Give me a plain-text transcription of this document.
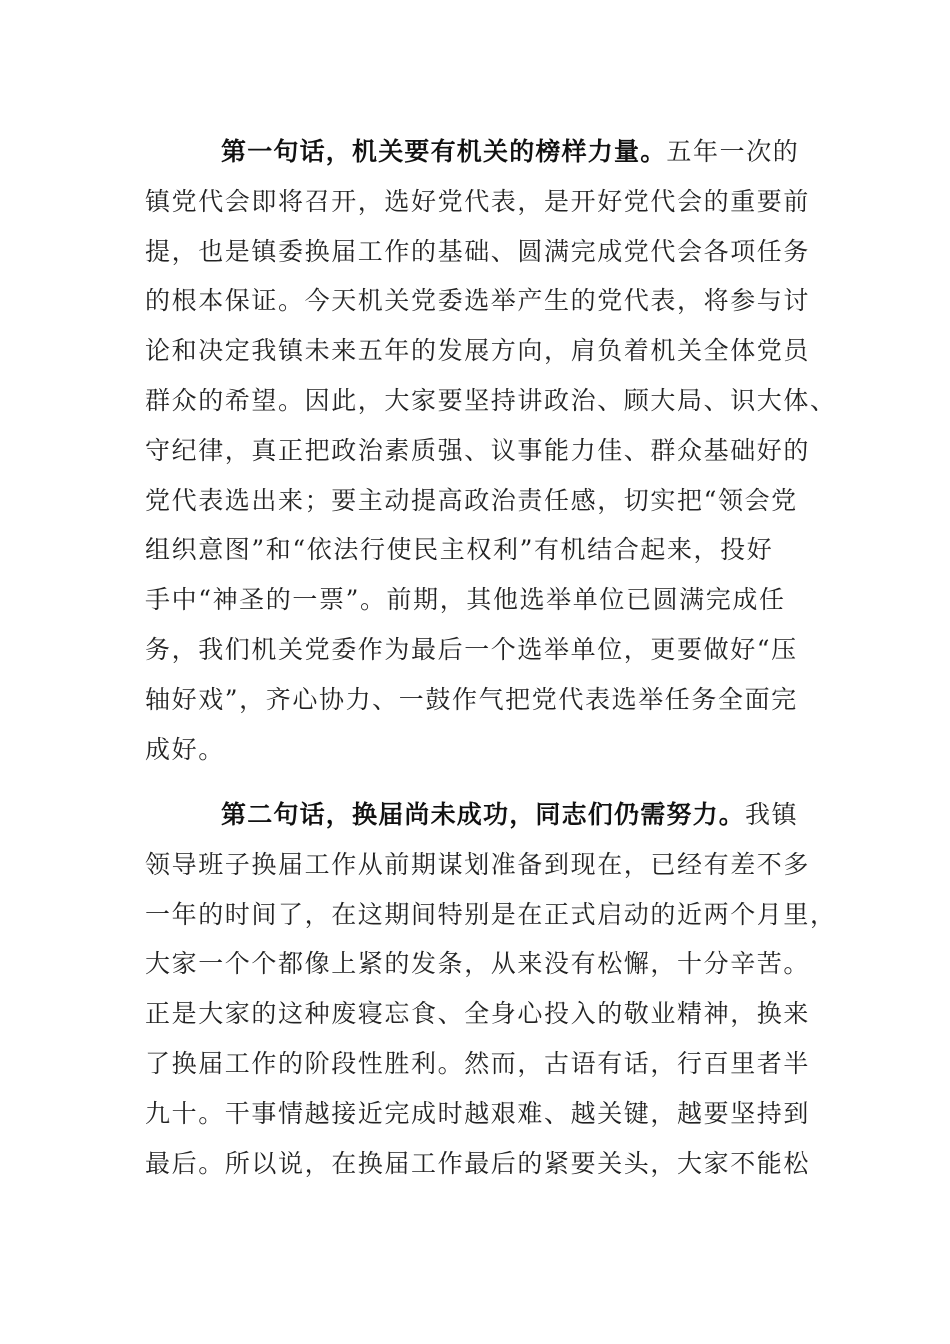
第一句话，机关要有机关的榜样力量。五年一次的
镇党代会即将召开，选好党代表，是开好党代会的重要前
提，也是镇委换届工作的基础、圆满完成党代会各项任务
的根本保证。今天机关党委选举产生的党代表，将参与讨
论和决定我镇未来五年的发展方向，肩负着机关全体党员
群众的希望。因此，大家要坚持讲政治、顾大局、识大体、
守纪律，真正把政治素质强、议事能力佳、群众基础好的
党代表选出来；要主动提高政治责任感，切实把“领会党
组织意图”和“依法行使民主权利”有机结合起来，投好
手中“神圣的一票”。前期，其他选举单位已圆满完成任
务，我们机关党委作为最后一个选举单位，更要做好“压
轴好戏”，齐心协力、一鼓作气把党代表选举任务全面完
成好。
第二句话，换届尚未成功，同志们仍需努力。我镇
领导班子换届工作从前期谋划准备到现在，已经有差不多
一年的时间了，在这期间特别是在正式启动的近两个月里，
大家一个个都像上紧的发条，从来没有松懈，十分辛苦。
正是大家的这种废寝忘食、全身心投入的敬业精神，换来
了换届工作的阶段性胜利。然而，古语有话，行百里者半
九十。干事情越接近完成时越艰难、越关键，越要坚持到
最后。所以说，在换届工作最后的紧要关头，大家不能松
